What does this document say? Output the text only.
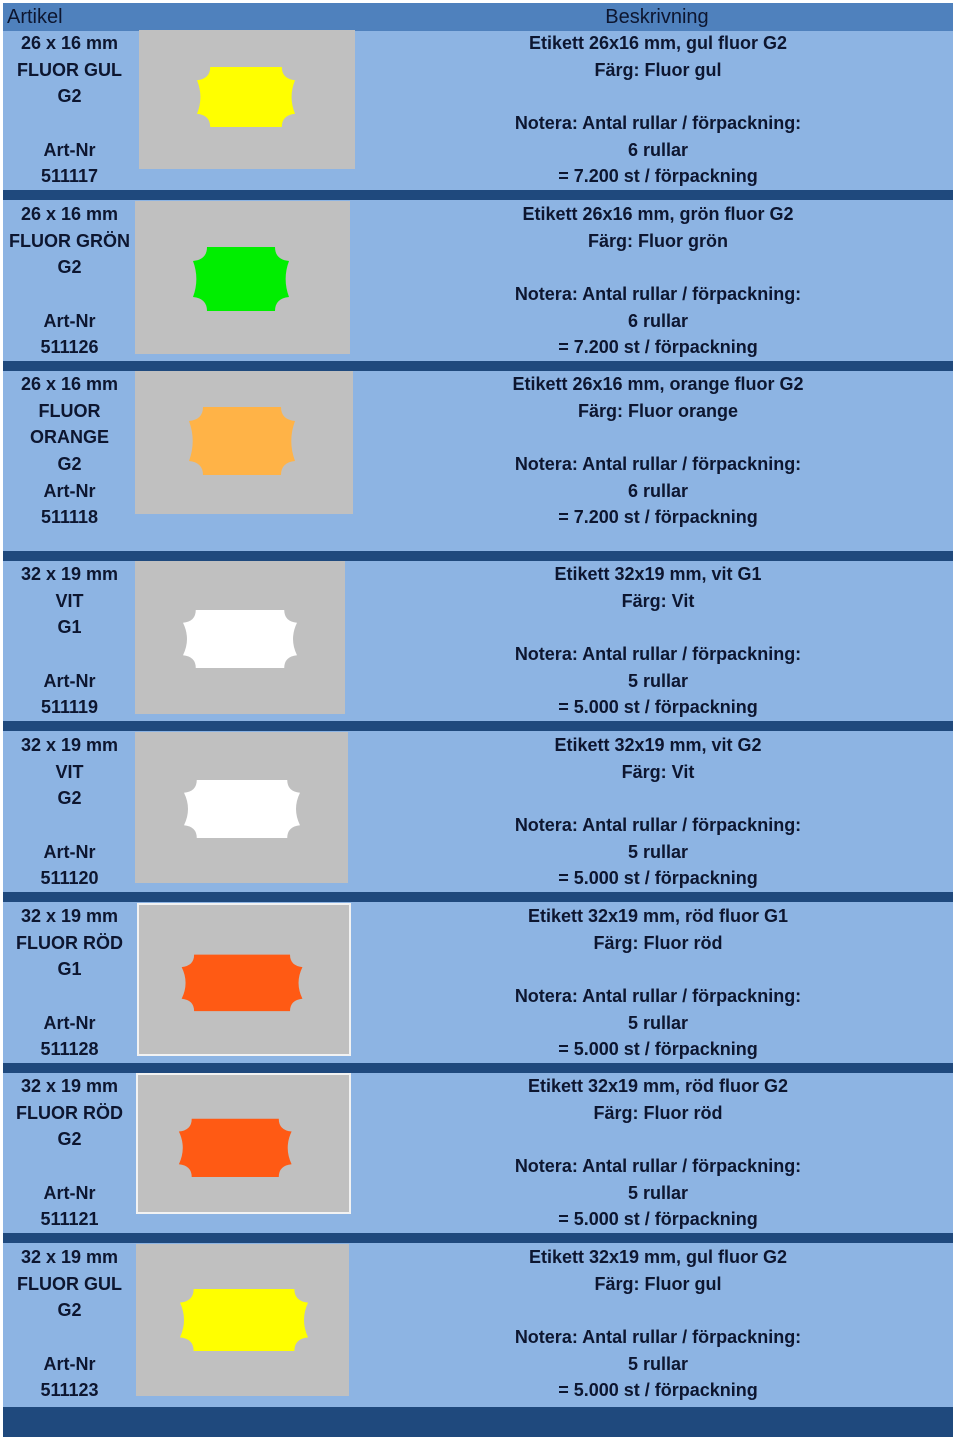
Artikel	Beskrivning
26 x 16 mm
FLUOR GUL
G2
Art-Nr
511117
Etikett 26x16 mm, gul fluor G2
Färg: Fluor gul
Notera: Antal rullar / förpackning:
6 rullar
= 7.200 st / förpackning
26 x 16 mm
FLUOR GRÖN
G2
Art-Nr
511126
Etikett 26x16 mm, grön fluor G2
Färg: Fluor grön
Notera: Antal rullar / förpackning:
6 rullar
= 7.200 st / förpackning
26 x 16 mm
FLUOR
ORANGE
G2
Art-Nr
511118
Etikett 26x16 mm, orange fluor G2
Färg: Fluor orange
Notera: Antal rullar / förpackning:
6 rullar
= 7.200 st / förpackning
32 x 19 mm
VIT
G1
Art-Nr
511119
Etikett 32x19 mm, vit G1
Färg: Vit
Notera: Antal rullar / förpackning:
5 rullar
= 5.000 st / förpackning
32 x 19 mm
VIT
G2
Art-Nr
511120
Etikett 32x19 mm, vit G2
Färg: Vit
Notera: Antal rullar / förpackning:
5 rullar
= 5.000 st / förpackning
32 x 19 mm
FLUOR RÖD
G1
Art-Nr
511128
Etikett 32x19 mm, röd fluor G1
Färg: Fluor röd
Notera: Antal rullar / förpackning:
5 rullar
= 5.000 st / förpackning
32 x 19 mm
FLUOR RÖD
G2
Art-Nr
511121
Etikett 32x19 mm, röd fluor G2
Färg: Fluor röd
Notera: Antal rullar / förpackning:
5 rullar
= 5.000 st / förpackning
32 x 19 mm
FLUOR GUL
G2
Art-Nr
511123
Etikett 32x19 mm, gul fluor G2
Färg: Fluor gul
Notera: Antal rullar / förpackning:
5 rullar
= 5.000 st / förpackning
